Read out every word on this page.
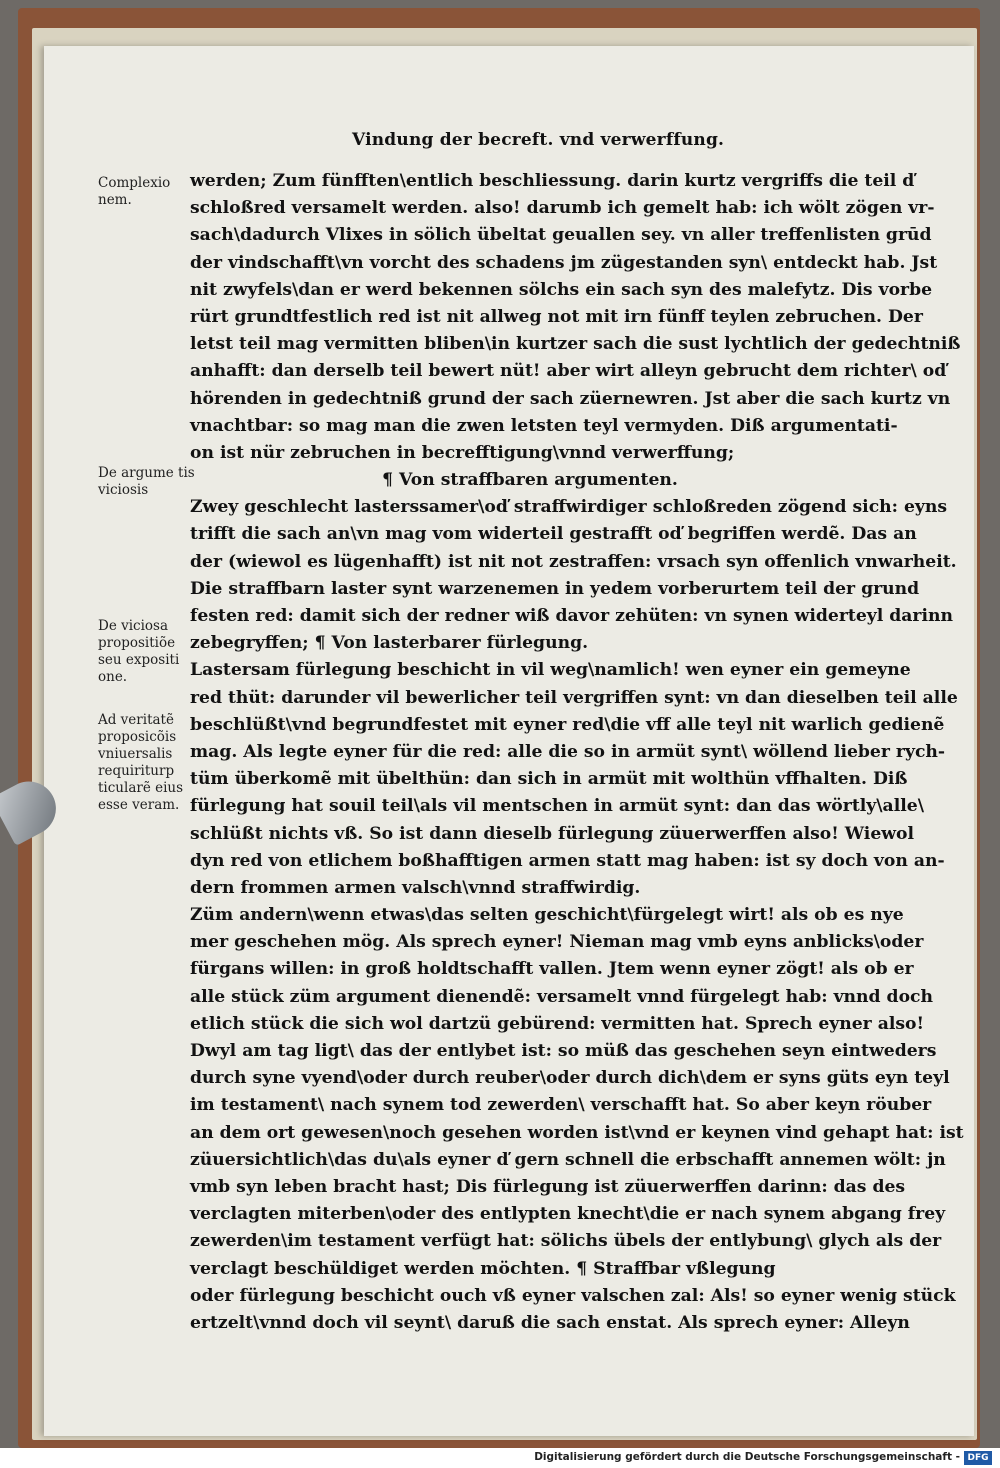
Vindung der becreft. vnd verwerffung.
Complexio nem.
De argume tis viciosis
De viciosa propositiõe seu expositi one.
Ad veritatẽ proposicõis vniuersalis requiriturp ticularẽ eius esse veram.
werden; Zum fünfften\entlich beschliessung. darin kurtz vergriffs die teil ď
schloßred versamelt werden. also! darumb ich gemelt hab: ich wölt zögen vr-
sach\dadurch Vlixes in sölich übeltat geuallen sey. vn aller treffenlisten grūd
der vindschafft\vn vorcht des schadens jm zügestanden syn\ entdeckt hab. Jst
nit zwyfels\dan er werd bekennen sölchs ein sach syn des malefytz. Dis vorbe
rürt grundtfestlich red ist nit allweg not mit irn fünff teylen zebruchen. Der
letst teil mag vermitten bliben\in kurtzer sach die sust lychtlich der gedechtniß
anhafft: dan derselb teil bewert nüt! aber wirt alleyn gebrucht dem richter\ oď
hörenden in gedechtniß grund der sach züernewren. Jst aber die sach kurtz vn
vnachtbar: so mag man die zwen letsten teyl vermyden. Diß argumentati-
on ist nür zebruchen in becrefftigung\vnnd verwerffung;
¶ Von straffbaren argumenten.
Zwey geschlecht lasterssamer\oď straffwirdiger schloßreden zögend sich: eyns
trifft die sach an\vn mag vom widerteil gestrafft oď begriffen werdẽ. Das an
der (wiewol es lügenhafft) ist nit not zestraffen: vrsach syn offenlich vnwarheit.
Die straffbarn laster synt warzenemen in yedem vorberurtem teil der grund
festen red: damit sich der redner wiß davor zehüten: vn synen widerteyl darinn
zebegryffen; ¶ Von lasterbarer fürlegung.
Lastersam fürlegung beschicht in vil weg\namlich! wen eyner ein gemeyne
red thüt: darunder vil bewerlicher teil vergriffen synt: vn dan dieselben teil alle
beschlüßt\vnd begrundfestet mit eyner red\die vff alle teyl nit warlich gedienẽ
mag. Als legte eyner für die red: alle die so in armüt synt\ wöllend lieber rych-
tüm überkomẽ mit übelthün: dan sich in armüt mit wolthün vffhalten. Diß
fürlegung hat souil teil\als vil mentschen in armüt synt: dan das wörtly\alle\
schlüßt nichts vß. So ist dann dieselb fürlegung züuerwerffen also! Wiewol
dyn red von etlichem boßhafftigen armen statt mag haben: ist sy doch von an-
dern frommen armen valsch\vnnd straffwirdig.
Züm andern\wenn etwas\das selten geschicht\fürgelegt wirt! als ob es nye
mer geschehen mög. Als sprech eyner! Nieman mag vmb eyns anblicks\oder
fürgans willen: in groß holdtschafft vallen. Jtem wenn eyner zögt! als ob er
alle stück züm argument dienendẽ: versamelt vnnd fürgelegt hab: vnnd doch
etlich stück die sich wol dartzü gebürend: vermitten hat. Sprech eyner also!
Dwyl am tag ligt\ das der entlybet ist: so müß das geschehen seyn eintweders
durch syne vyend\oder durch reuber\oder durch dich\dem er syns güts eyn teyl
im testament\ nach synem tod zewerden\ verschafft hat. So aber keyn röuber
an dem ort gewesen\noch gesehen worden ist\vnd er keynen vind gehapt hat: ist
züuersichtlich\das du\als eyner ď gern schnell die erbschafft annemen wölt: jn
vmb syn leben bracht hast; Dis fürlegung ist züuerwerffen darinn: das des
verclagten miterben\oder des entlypten knecht\die er nach synem abgang frey
zewerden\im testament verfügt hat: sölichs übels der entlybung\ glych als der
verclagt beschüldiget werden möchten. ¶ Straffbar vßlegung
oder fürlegung beschicht ouch vß eyner valschen zal: Als! so eyner wenig stück
ertzelt\vnnd doch vil seynt\ daruß die sach enstat. Als sprech eyner: Alleyn
Digitalisierung gefördert durch die Deutsche Forschungsgemeinschaft - DFG
